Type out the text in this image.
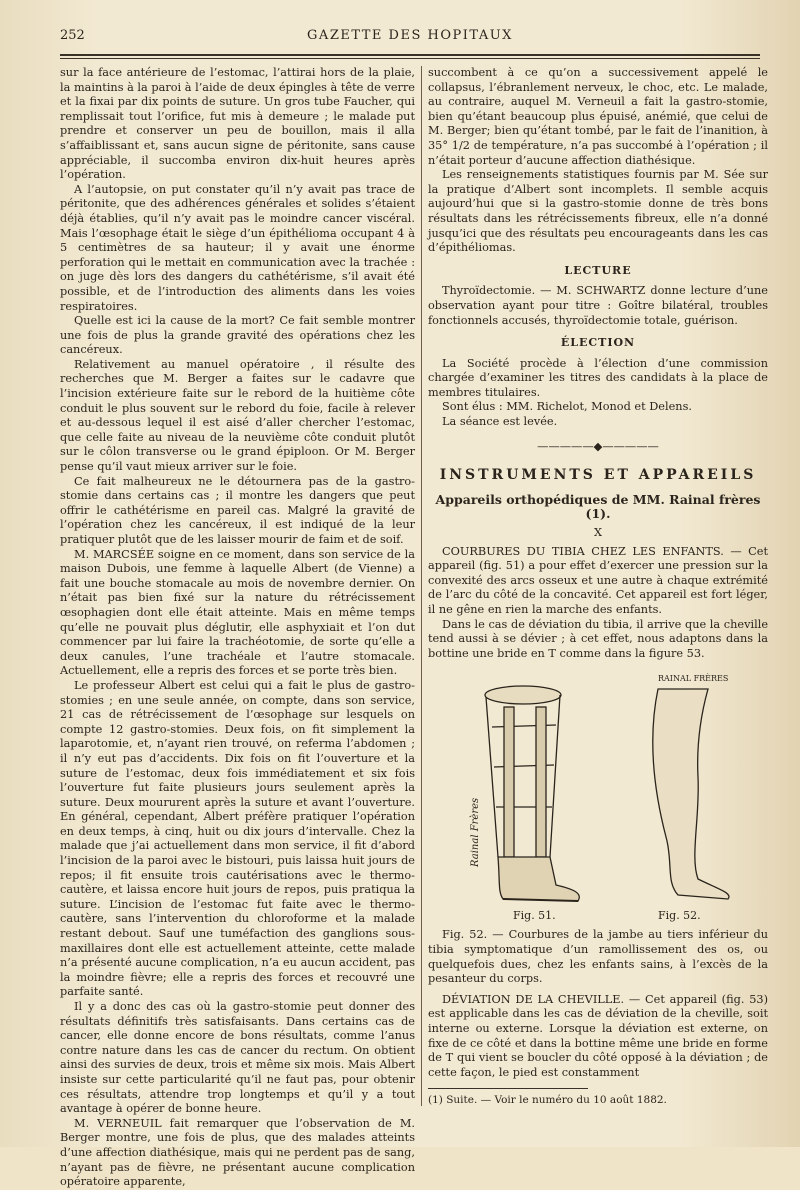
252	GAZETTE DES HOPITAUX

sur la face antérieure de l’estomac, l’attirai hors de la plaie, la maintins à la paroi à l’aide de deux épingles à tête de verre et la fixai par dix points de suture. Un gros tube Faucher, qui remplissait tout l’orifice, fut mis à demeure ; le malade put prendre et conserver un peu de bouillon, mais il alla s’affaiblissant et, sans aucun signe de péritonite, sans cause appréciable, il succomba environ dix-huit heures après l’opération.

A l’autopsie, on put constater qu’il n’y avait pas trace de péritonite, que des adhérences générales et solides s’étaient déjà établies, qu’il n’y avait pas le moindre cancer viscéral. Mais l’œsophage était le siège d’un épithélioma occupant 4 à 5 centimètres de sa hauteur; il y avait une énorme perforation qui le mettait en communication avec la trachée : on juge dès lors des dangers du cathétérisme, s’il avait été possible, et de l’introduction des aliments dans les voies respiratoires.

Quelle est ici la cause de la mort? Ce fait semble montrer une fois de plus la grande gravité des opérations chez les cancéreux.

Relativement au manuel opératoire , il résulte des recherches que M. Berger a faites sur le cadavre que l’incision extérieure faite sur le rebord de la huitième côte conduit le plus souvent sur le rebord du foie, facile à relever et au-dessous lequel il est aisé d’aller chercher l’estomac, que celle faite au niveau de la neuvième côte conduit plutôt sur le côlon transverse ou le grand épiploon. Or M. Berger pense qu’il vaut mieux arriver sur le foie.

Ce fait malheureux ne le détournera pas de la gastro-stomie dans certains cas ; il montre les dangers que peut offrir le cathétérisme en pareil cas. Malgré la gravité de l’opération chez les cancéreux, il est indiqué de la leur pratiquer plutôt que de les laisser mourir de faim et de soif.

M. MARCSÉE soigne en ce moment, dans son service de la maison Dubois, une femme à laquelle Albert (de Vienne) a fait une bouche stomacale au mois de novembre dernier. On n’était pas bien fixé sur la nature du rétrécissement œsophagien dont elle était atteinte. Mais en même temps qu’elle ne pouvait plus déglutir, elle asphyxiait et l’on dut commencer par lui faire la trachéotomie, de sorte qu’elle a deux canules, l’une trachéale et l’autre stomacale. Actuellement, elle a repris des forces et se porte très bien.

Le professeur Albert est celui qui a fait le plus de gastro-stomies ; en une seule année, on compte, dans son service, 21 cas de rétrécissement de l’œsophage sur lesquels on compte 12 gastro-stomies. Deux fois, on fit simplement la laparotomie, et, n’ayant rien trouvé, on referma l’abdomen ; il n’y eut pas d’accidents. Dix fois on fit l’ouverture et la suture de l’estomac, deux fois immédiatement et six fois l’ouverture fut faite plusieurs jours seulement après la suture. Deux moururent après la suture et avant l’ouverture. En général, cependant, Albert préfère pratiquer l’opération en deux temps, à cinq, huit ou dix jours d’intervalle. Chez la malade que j’ai actuellement dans mon service, il fit d’abord l’incision de la paroi avec le bistouri, puis laissa huit jours de repos; il fit ensuite trois cautérisations avec le thermo-cautère, et laissa encore huit jours de repos, puis pratiqua la suture. L’incision de l’estomac fut faite avec le thermo-cautère, sans l’intervention du chloroforme et la malade restant debout. Sauf une tuméfaction des ganglions sous-maxillaires dont elle est actuellement atteinte, cette malade n’a présenté aucune complication, n’a eu aucun accident, pas la moindre fièvre; elle a repris des forces et recouvré une parfaite santé.

Il y a donc des cas où la gastro-stomie peut donner des résultats définitifs très satisfaisants. Dans certains cas de cancer, elle donne encore de bons résultats, comme l’anus contre nature dans les cas de cancer du rectum. On obtient ainsi des survies de deux, trois et même six mois. Mais Albert insiste sur cette particularité qu’il ne faut pas, pour obtenir ces résultats, attendre trop longtemps et qu’il y a tout avantage à opérer de bonne heure.

M. VERNEUIL fait remarquer que l’observation de M. Berger montre, une fois de plus, que des malades atteints d’une affection diathésique, mais qui ne perdent pas de sang, n’ayant pas de fièvre, ne présentant aucune complication opératoire apparente,

succombent à ce qu’on a successivement appelé le collapsus, l’ébranlement nerveux, le choc, etc. Le malade, au contraire, auquel M. Verneuil a fait la gastro-stomie, bien qu’étant beaucoup plus épuisé, anémié, que celui de M. Berger; bien qu’étant tombé, par le fait de l’inanition, à 35° 1/2 de température, n’a pas succombé à l’opération ; il n’était porteur d’aucune affection diathésique.

Les renseignements statistiques fournis par M. Sée sur la pratique d’Albert sont incomplets. Il semble acquis aujourd’hui que si la gastro-stomie donne de très bons résultats dans les rétrécissements fibreux, elle n’a donné jusqu’ici que des résultats peu encourageants dans les cas d’épithéliomas.

LECTURE

Thyroïdectomie. — M. SCHWARTZ donne lecture d’une observation ayant pour titre : Goître bilatéral, troubles fonctionnels accusés, thyroïdectomie totale, guérison.

ÉLECTION

La Société procède à l’élection d’une commission chargée d’examiner les titres des candidats à la place de membres titulaires.

Sont élus : MM. Richelot, Monod et Delens.

La séance est levée.

—————◆—————
INSTRUMENTS ET APPAREILS
Appareils orthopédiques de MM. Rainal frères (1).
X

COURBURES DU TIBIA CHEZ LES ENFANTS. — Cet appareil (fig. 51) a pour effet d’exercer une pression sur la convexité des arcs osseux et une autre à chaque extrémité de l’arc du côté de la concavité. Cet appareil est fort léger, il ne gêne en rien la marche des enfants.

Dans le cas de déviation du tibia, il arrive que la cheville tend aussi à se dévier ; à cet effet, nous adaptons dans la bottine une bride en T comme dans la figure 53.

Rainal Frères
RAINAL FRÈRES
Fig. 51.	Fig. 52.

Fig. 52. — Courbures de la jambe au tiers inférieur du tibia symptomatique d’un ramollissement des os, ou quelquefois dues, chez les enfants sains, à l’excès de la pesanteur du corps.

DÉVIATION DE LA CHEVILLE. — Cet appareil (fig. 53) est applicable dans les cas de déviation de la cheville, soit interne ou externe. Lorsque la déviation est externe, on fixe de ce côté et dans la bottine même une bride en forme de T qui vient se boucler du côté opposé à la déviation ; de cette façon, le pied est constamment

(1) Suite. — Voir le numéro du 10 août 1882.
